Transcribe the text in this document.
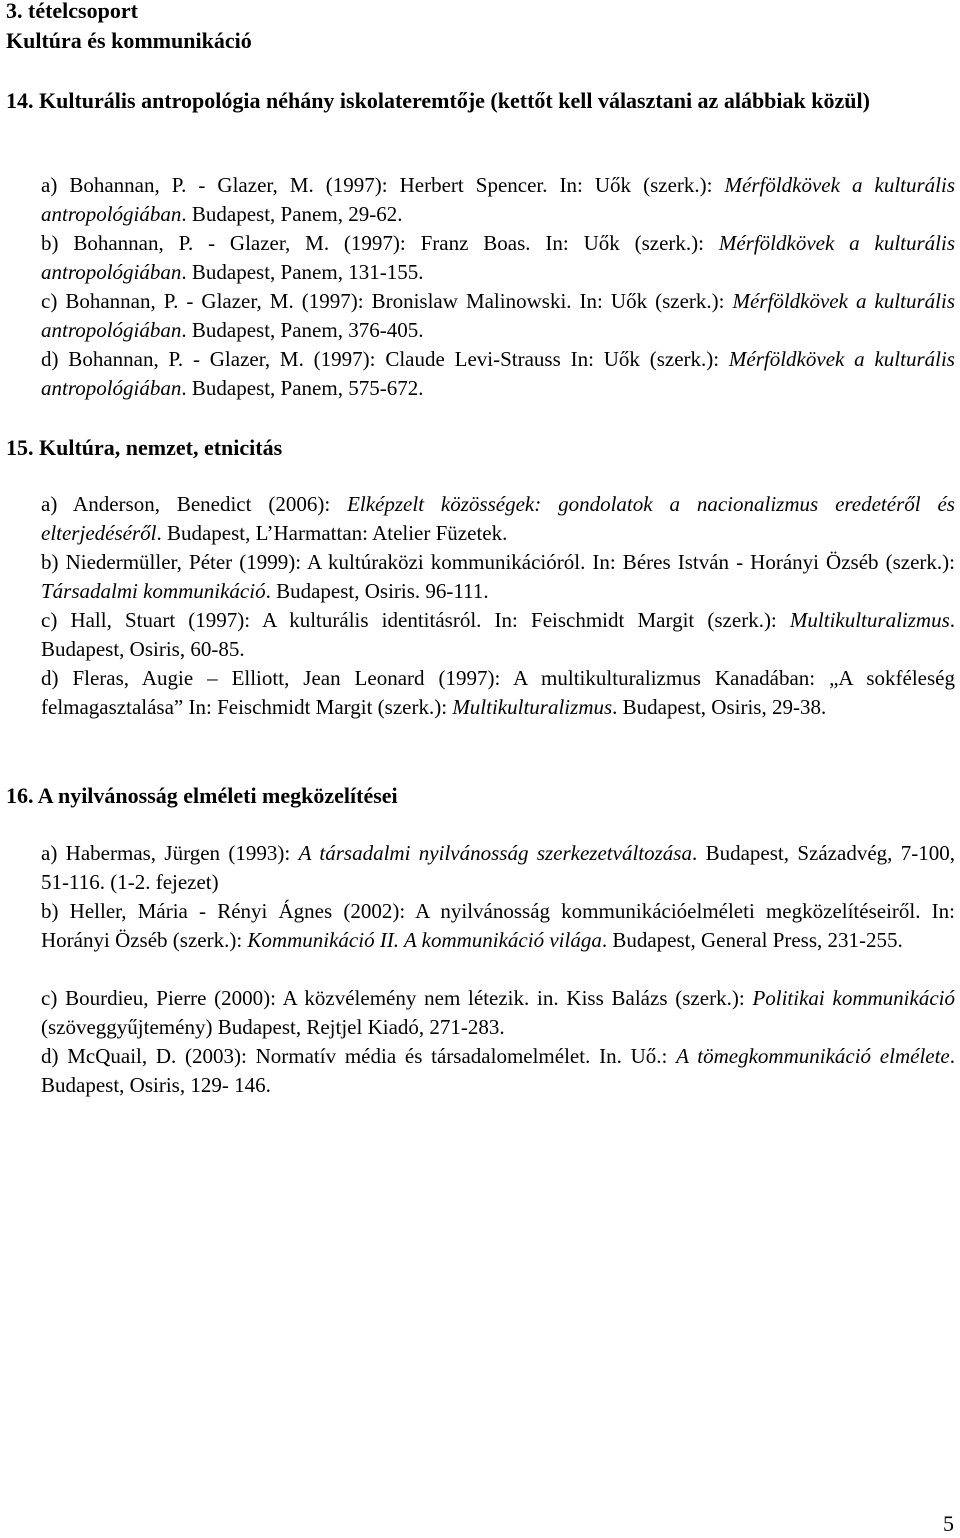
3. tételcsoport

Kultúra és kommunikáció

14. Kulturális antropológia néhány iskolateremtője (kettőt kell választani az alábbiak közül)

a) Bohannan, P. - Glazer, M. (1997): Herbert Spencer. In: Uők (szerk.): Mérföldkövek a kulturális antropológiában. Budapest, Panem, 29-62.

b) Bohannan, P. - Glazer, M. (1997): Franz Boas. In: Uők (szerk.): Mérföldkövek a kulturális antropológiában. Budapest, Panem, 131-155.

c) Bohannan, P. - Glazer, M. (1997): Bronislaw Malinowski. In: Uők (szerk.): Mérföldkövek a kulturális antropológiában. Budapest, Panem, 376-405.

d) Bohannan, P. - Glazer, M. (1997): Claude Levi-Strauss In: Uők (szerk.): Mérföldkövek a kulturális antropológiában. Budapest, Panem, 575-672.

15. Kultúra, nemzet, etnicitás

a) Anderson, Benedict (2006): Elképzelt közösségek: gondolatok a nacionalizmus eredetéről és elterjedéséről. Budapest, L’Harmattan: Atelier Füzetek.

b) Niedermüller, Péter (1999): A kultúraközi kommunikációról. In: Béres István - Horányi Özséb (szerk.): Társadalmi kommunikáció. Budapest, Osiris. 96-111.

c) Hall, Stuart (1997): A kulturális identitásról. In: Feischmidt Margit (szerk.): Multikulturalizmus. Budapest, Osiris, 60-85.

d) Fleras, Augie – Elliott, Jean Leonard (1997): A multikulturalizmus Kanadában: „A sokféleség felmagasztalása” In: Feischmidt Margit (szerk.): Multikulturalizmus. Budapest, Osiris, 29-38.

16. A nyilvánosság elméleti megközelítései

a) Habermas, Jürgen (1993): A társadalmi nyilvánosság szerkezetváltozása. Budapest, Századvég, 7-100, 51-116. (1-2. fejezet)

b) Heller, Mária - Rényi Ágnes (2002): A nyilvánosság kommunikációelméleti megközelítéseiről. In: Horányi Özséb (szerk.): Kommunikáció II. A kommunikáció világa. Budapest, General Press, 231-255.

c) Bourdieu, Pierre (2000): A közvélemény nem létezik. in. Kiss Balázs (szerk.): Politikai kommunikáció (szöveggyűjtemény) Budapest, Rejtjel Kiadó, 271-283.

d) McQuail, D. (2003): Normatív média és társadalomelmélet. In. Uő.: A tömegkommunikáció elmélete. Budapest, Osiris, 129- 146.

5
